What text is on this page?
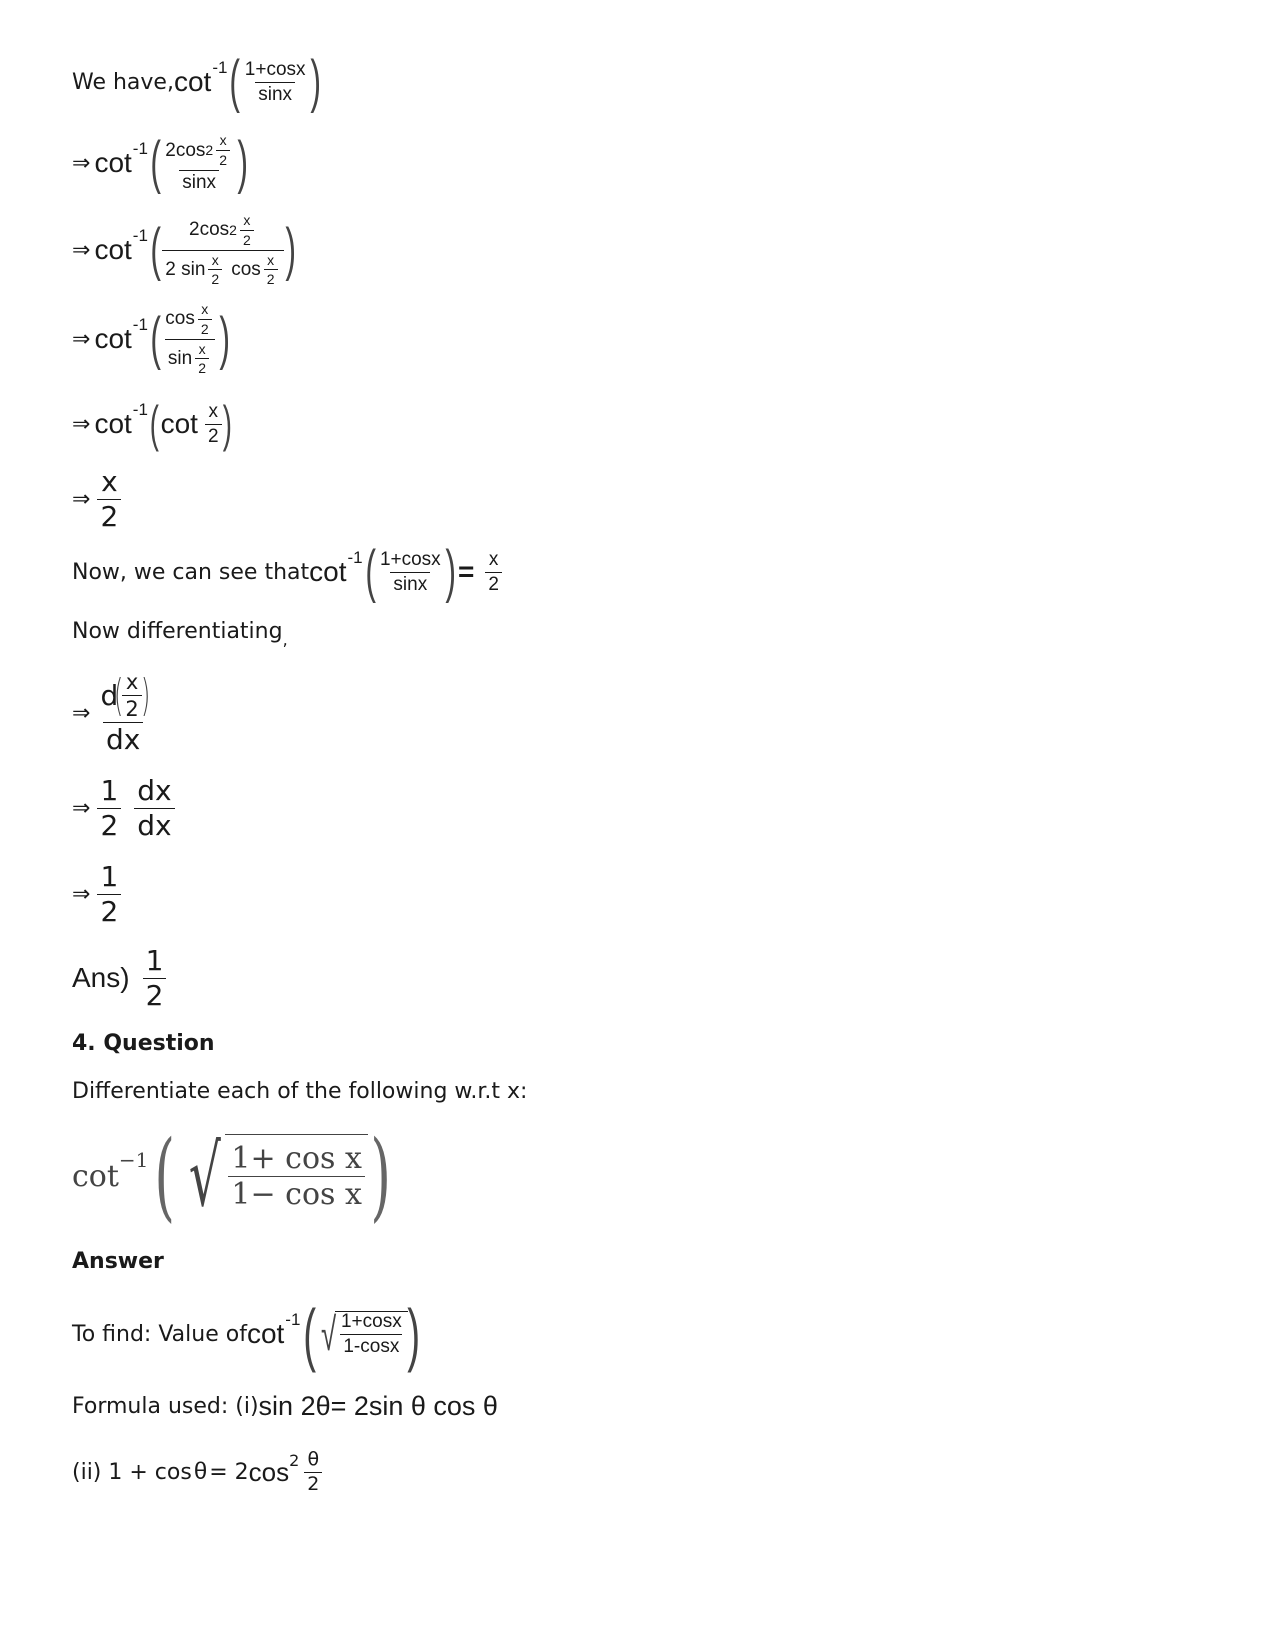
We have, cot -1 ( $\frac{1+\cos x}{\sin x}$ )
⇒ cot -1 ( $\frac{2\cos 2 \frac{x}{2}}{\sin x}$ )
⇒ cot -1 ( $\frac{2\cos 2 \frac{x}{2}}{2 \sin \frac{x}{2} \cos \frac{x}{2}}$ )
⇒ cot -1 ( $\frac{\cos \frac{x}{2}}{\sin \frac{x}{2}}$ )
⇒ cot -1 ( $\cot \frac{x}{2}$ )
⇒ $\frac{x}{2}$
Now, we can see that cot -1 ( $\frac{1+\cos x}{\sin x}$ ) = $\frac{x}{2}$
Now differentiating ,
⇒ d
(
$\frac{x}{2}$
)
dx
⇒ $\frac{1}{2} \frac{dx}{dx}$
⇒ $\frac{1}{2}$
$Ans) \frac{1}{2}$
4. Question
Differentiate each of the following w.r.t x:
cot −1 ( √ $\frac{\text{1+ cos x}}{\text{1− cos x}}$ )
Answer
To find: Value of cot -1 ( √ $\frac{1+\cos x}{1-\cos x}$ )
Formula used: (i) sin 2θ= 2sin θ cos θ
(ii) 1 + cos θ = 2 $\cos 2 \frac{\theta}{2}$
